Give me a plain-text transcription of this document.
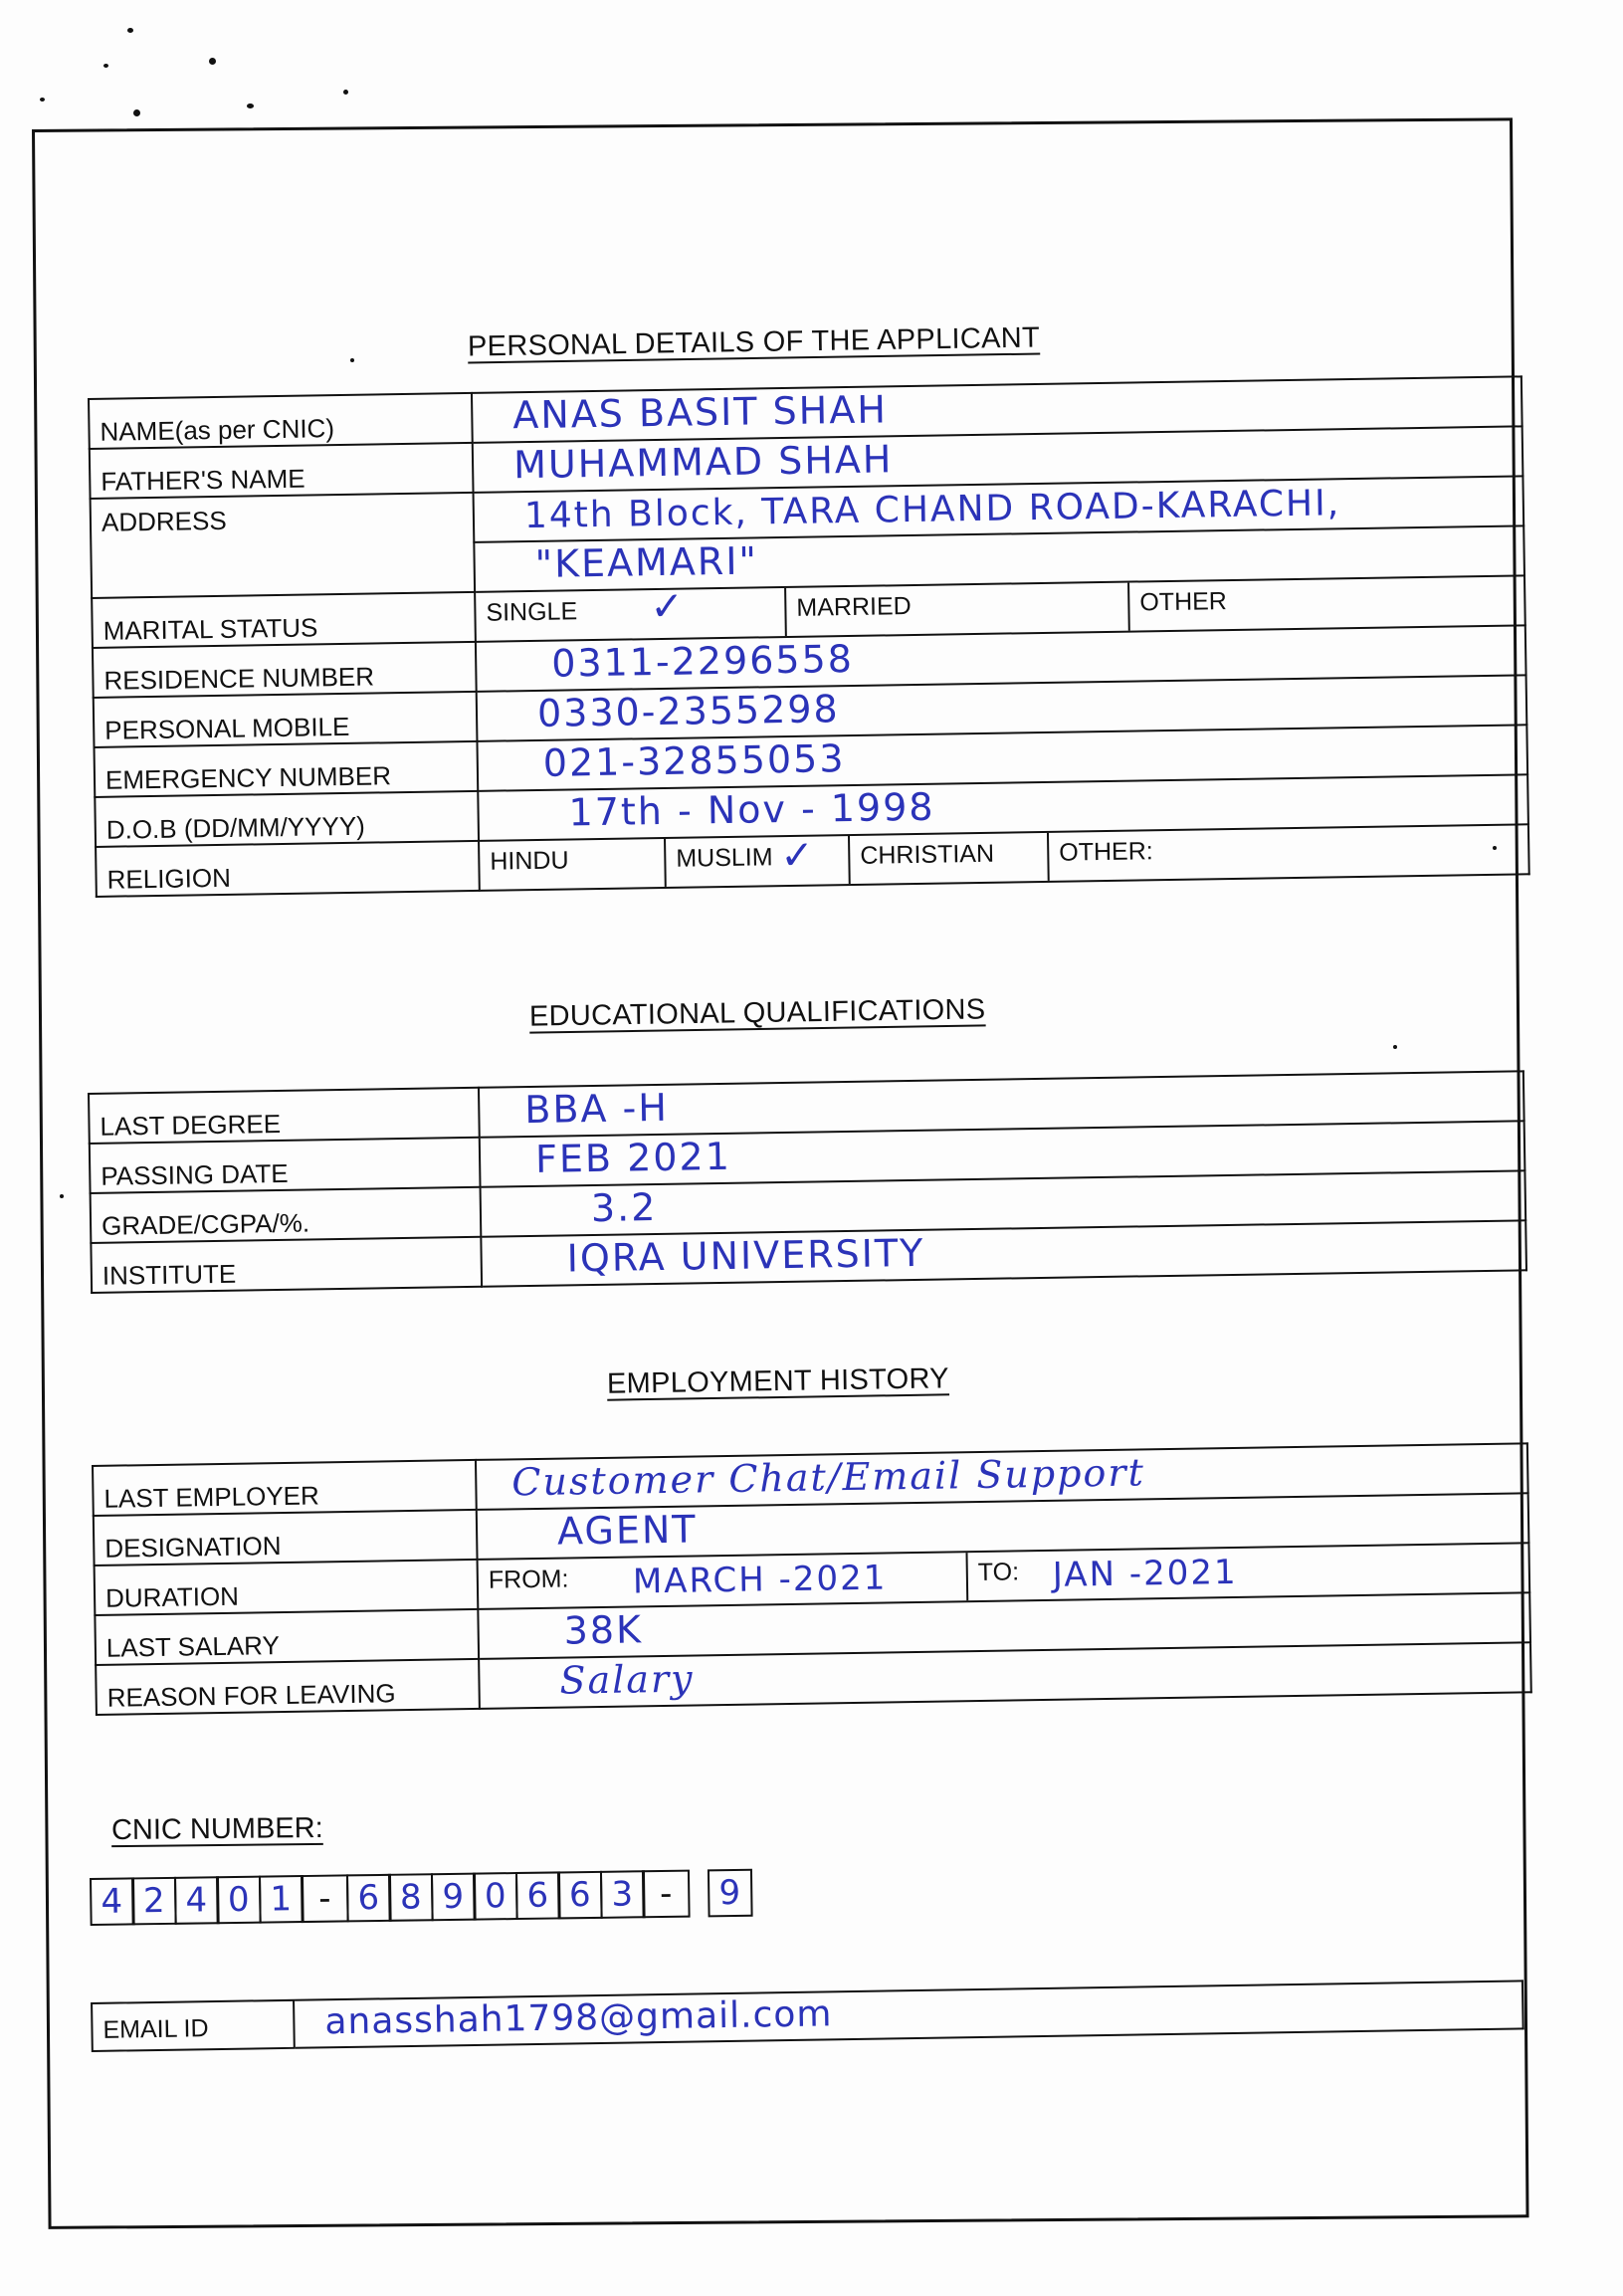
PERSONAL DETAILS OF THE APPLICANT
NAME(as per CNIC)	ANAS BASIT SHAH

FATHER'S NAME	MUHAMMAD SHAH

ADDRESS	14th Block, TARA CHAND ROAD-KARACHI,

	"KEAMARI"

MARITAL STATUS	SINGLE ✓ MARRIED OTHER

RESIDENCE NUMBER	0311-2296558

PERSONAL MOBILE	0330-2355298

EMERGENCY NUMBER	021-32855053

D.O.B (DD/MM/YYYY)	17th - Nov - 1998

RELIGION	HINDU MUSLIM ✓ CHRISTIAN OTHER:
EDUCATIONAL QUALIFICATIONS
LAST DEGREE	BBA -H

PASSING DATE	FEB 2021

GRADE/CGPA/%.	3.2

INSTITUTE	IQRA UNIVERSITY
EMPLOYMENT HISTORY
LAST EMPLOYER	Customer Chat/Email Support

DESIGNATION	AGENT

DURATION	FROM: MARCH -2021 TO: JAN -2021

LAST SALARY	38K

REASON FOR LEAVING	Salary
CNIC NUMBER:
4 2 4 0 1 - 6 8 9 0 6 6 3 -	9
EMAIL ID	anasshah1798@gmail.com
